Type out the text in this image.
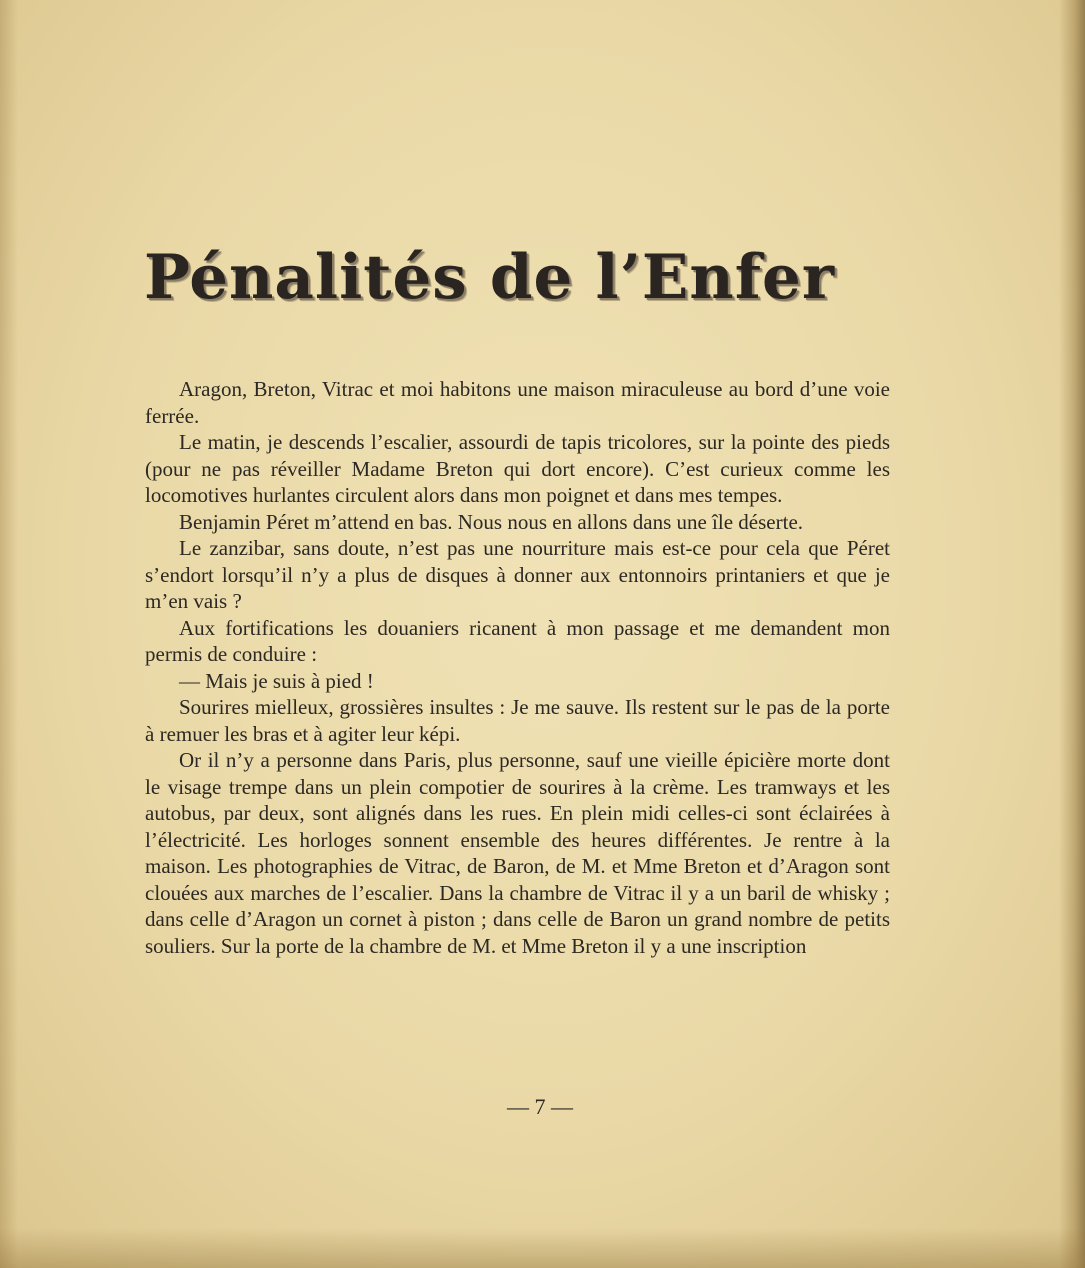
Pénalités de l’Enfer

Aragon, Breton, Vitrac et moi habitons une maison miraculeuse au bord d’une voie ferrée.

Le matin, je descends l’escalier, assourdi de tapis tricolores, sur la pointe des pieds (pour ne pas réveiller Madame Breton qui dort encore). C’est curieux comme les locomotives hurlantes circulent alors dans mon poignet et dans mes tempes.

Benjamin Péret m’attend en bas. Nous nous en allons dans une île déserte.

Le zanzibar, sans doute, n’est pas une nourriture mais est-ce pour cela que Péret s’endort lorsqu’il n’y a plus de disques à donner aux entonnoirs printaniers et que je m’en vais ?

Aux fortifications les douaniers ricanent à mon passage et me demandent mon permis de conduire :

— Mais je suis à pied !

Sourires mielleux, grossières insultes : Je me sauve. Ils restent sur le pas de la porte à remuer les bras et à agiter leur képi.

Or il n’y a personne dans Paris, plus personne, sauf une vieille épicière morte dont le visage trempe dans un plein compotier de sourires à la crème. Les tramways et les autobus, par deux, sont alignés dans les rues. En plein midi celles-ci sont éclairées à l’électricité. Les horloges sonnent ensemble des heures différentes. Je rentre à la maison. Les photographies de Vitrac, de Baron, de M. et Mme Breton et d’Aragon sont clouées aux marches de l’escalier. Dans la chambre de Vitrac il y a un baril de whisky ; dans celle d’Aragon un cornet à piston ; dans celle de Baron un grand nombre de petits souliers. Sur la porte de la chambre de M. et Mme Breton il y a une inscription

— 7 —
